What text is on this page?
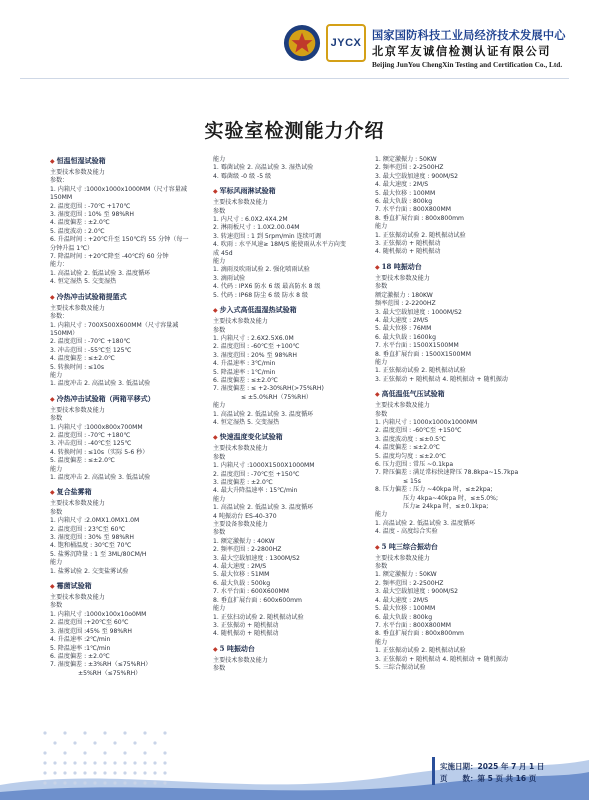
JYCX
国家国防科技工业局经济技术发展中心
北京军友诚信检测认证有限公司
Beijing JunYou ChengXin Testing and Certification Co., Ltd.
实验室检测能力介绍
◆ 恒温恒湿试验箱
主要技术参数及能力
参数：
1. 内箱尺寸 :1000x1000x1000MM（尺寸容量减
150MM
2. 温度范围 : -70℃ +170℃
3. 湿度范围 : 10% 至 98%RH
4. 温度偏差 : ±2.0℃
5. 温度波动 : 2.0℃
6. 升温时间 : +20℃升至 150℃约 55 分钟（每一
分钟升温 1℃）
7. 降温时间 : +20℃降至 -40℃约 60 分钟
能力：
1. 高温试验 2. 低温试验 3. 温度循环
4. 恒定湿热 5. 交变湿热
◆ 冷热冲击试验箱提篮式
主要技术参数及能力
参数：
1. 内箱尺寸 : 700X500X600MM（尺寸容量减
150MM）
2. 温度范围 : -70℃ +180℃
3. 冲击范围 : -55℃至 125℃
4. 温度偏差 : ≤±2.0℃
5. 转换时间 : ≤10s
能力
1. 温度冲击 2. 高温试验 3. 低温试验
◆ 冷热冲击试验箱（两箱平移式）
主要技术参数及能力
参数
1. 内箱尺寸 :1000x800x700MM
2. 温度范围 : -70℃ +180℃
3. 冲击范围 : -40℃至 125℃
4. 转换时间 : ≤10s（实际 5-6 秒）
5. 温度偏差 : ≤±2.0℃
能力
1. 温度冲击 2. 高温试验 3. 低温试验
◆ 复合盐雾箱
主要技术参数及能力
参数
1. 内箱尺寸 :2.0MX1.0MX1.0M
2. 温度范围 : 23℃至 60℃
3. 湿度范围 : 30% 至 98%RH
4. 饱和桶温度 : 30℃至 70℃
5. 盐雾沉降量 : 1 至 3ML/80CM/H
能力
1. 盐雾试验 2. 交变盐雾试验
◆ 霉菌试验箱
主要技术参数及能力
参数
1. 内箱尺寸 :1000x100x10o0MM
2. 温度范围 :+20℃至 60℃
3. 湿度范围 :45% 至 98%RH
4. 升温速率 :2℃/min
5. 降温速率 :1℃/min
6. 温度偏差 : ±2.0℃
7. 湿度偏差 : ±3%RH（≤75%RH）
±5%RH（≤75%RH）
能力
1. 霉菌试验 2. 高温试验 3. 湿热试验
4. 霉菌级 -0 级 -5 级
◆ 军标风雨淋试验箱
主要技术参数及能力
参数
1. 内尺寸 : 6.0X2.4X4.2M
2. 淋雨板尺寸 : 1.0X2.00.04M
3. 转速范围 : 1 到 5rpm/min 连续可调
4. 吹雨 : 水平风速≥ 18M/S 能使雨从水平方向变
成 45d
能力
1. 滴雨及吹雨试验 2. 强化喷雨试验
3. 滴雨试验
4. 代码 : IPX6 防水 6 级 最高防水 8 级
5. 代码 : IP68 防尘 6 级 防水 8 级
◆ 步入式高低温湿热试验箱
主要技术参数及能力
参数
1. 内箱尺寸 : 2.6X2.5X6.0M
2. 温度范围 : -60℃至 +100℃
3. 湿度范围 : 20% 至 98%RH
4. 升温速率 : 3℃/min
5. 降温速率 : 1℃/min
6. 温度偏差 : ≤±2.0℃
7. 湿度偏差 : ≤ +2-30%RH(>75%RH)
≤ ±5.0%RH（75%RH）
能力
1. 高温试验 2. 低温试验 3. 温度循环
4. 恒定湿热 5. 交变湿热
◆ 快速温度变化试验箱
主要技术参数及能力
参数
1. 内箱尺寸 :1000X1500X1000MM
2. 温度范围 : -70℃至 +150℃
3. 温度偏差 : ±2.0℃
4. 最大升降温速率 : 15℃/min
能力
1. 高温试验 2. 低温试验 3. 温度循环
4 吨振动台 ES-40-370
主要设备参数及能力
参数
1. 额定激振力 : 40KW
2. 频率范围 : 2-2800HZ
3. 最大空载加速度 : 1300M/S2
4. 最大速度 : 2M/S
5. 最大位移 : 51MM
6. 最大负载 : 500kg
7. 水平台面 : 600X600MM
8. 垂直扩展台面 : 600x600mm
能力
1. 正弦扫动试验 2. 随机振动试验
3. 正弦振动 + 随机振动
4. 随机振动 + 随机振动
◆ 5 吨振动台
主要技术参数及能力
参数
1. 额定激振力 : 50KW
2. 频率范围 : 2-2500HZ
3. 最大空载加速度 : 900M/S2
4. 最大速度 : 2M/S
5. 最大位移 : 100MM
6. 最大负载 : 800kg
7. 水平台面 : 800X800MM
8. 垂直扩展台面 : 800x800mm
能力
1. 正弦振动试验 2. 随机振动试验
3. 正弦振动 + 随机振动
4. 随机振动 + 随机振动
◆ 18 吨振动台
主要技术参数及能力
参数
额定激振力 : 180KW
频率范围 : 2-2200HZ
3. 最大空载加速度 : 1000M/S2
4. 最大速度 : 2M/S
5. 最大位移 : 76MM
6. 最大负载 : 1600kg
7. 水平台面 : 1500X1500MM
8. 垂直扩展台面 : 1500X1500MM
能力
1. 正弦振动试验 2. 随机振动试验
3. 正弦振动 + 随机振动 4. 随机振动 + 随机振动
◆ 高低温低气压试验箱
主要技术参数及能力
参数
1. 内箱尺寸 : 1000x1000x1000MM
2. 温度范围 : -60℃至 +150℃
3. 温度波动度 : ≤±0.5℃
4. 温度偏差 : ≤±2.0℃
5. 温度均匀度 : ≤±2.0℃
6. 压力范围 : 常压 ~0.1kpa
7. 降压偏差 : 满足常标快速降压 78.8kpa~15.7kpa
≤ 15s
8. 压力偏差 : 压力 ~40kpa 时，≤±2kpa;
压力 4kpa~40kpa 时，≤±5.0%;
压力≥ 24kpa 时，≤±0.1kpa;
能力
1. 高温试验 2. 低温试验 3. 温度循环
4. 温度 - 高度综合实验
◆ 5 吨三综合振动台
主要技术参数及能力
参数
1. 额定激振力 : 50KW
2. 频率范围 : 2-2500HZ
3. 最大空载加速度 : 900M/S2
4. 最大速度 : 2M/S
5. 最大位移 : 100MM
6. 最大负载 : 800kg
7. 水平台面 : 800X800MM
8. 垂直扩展台面 : 800x800mm
能力
1. 正弦振动试验 2. 随机振动试验
3. 正弦振动 + 随机振动 4. 随机振动 + 随机振动
5. 三综合振动试验
实施日期：2025 年 7 月 1 日
页　　数：第 5 页 共 16 页
